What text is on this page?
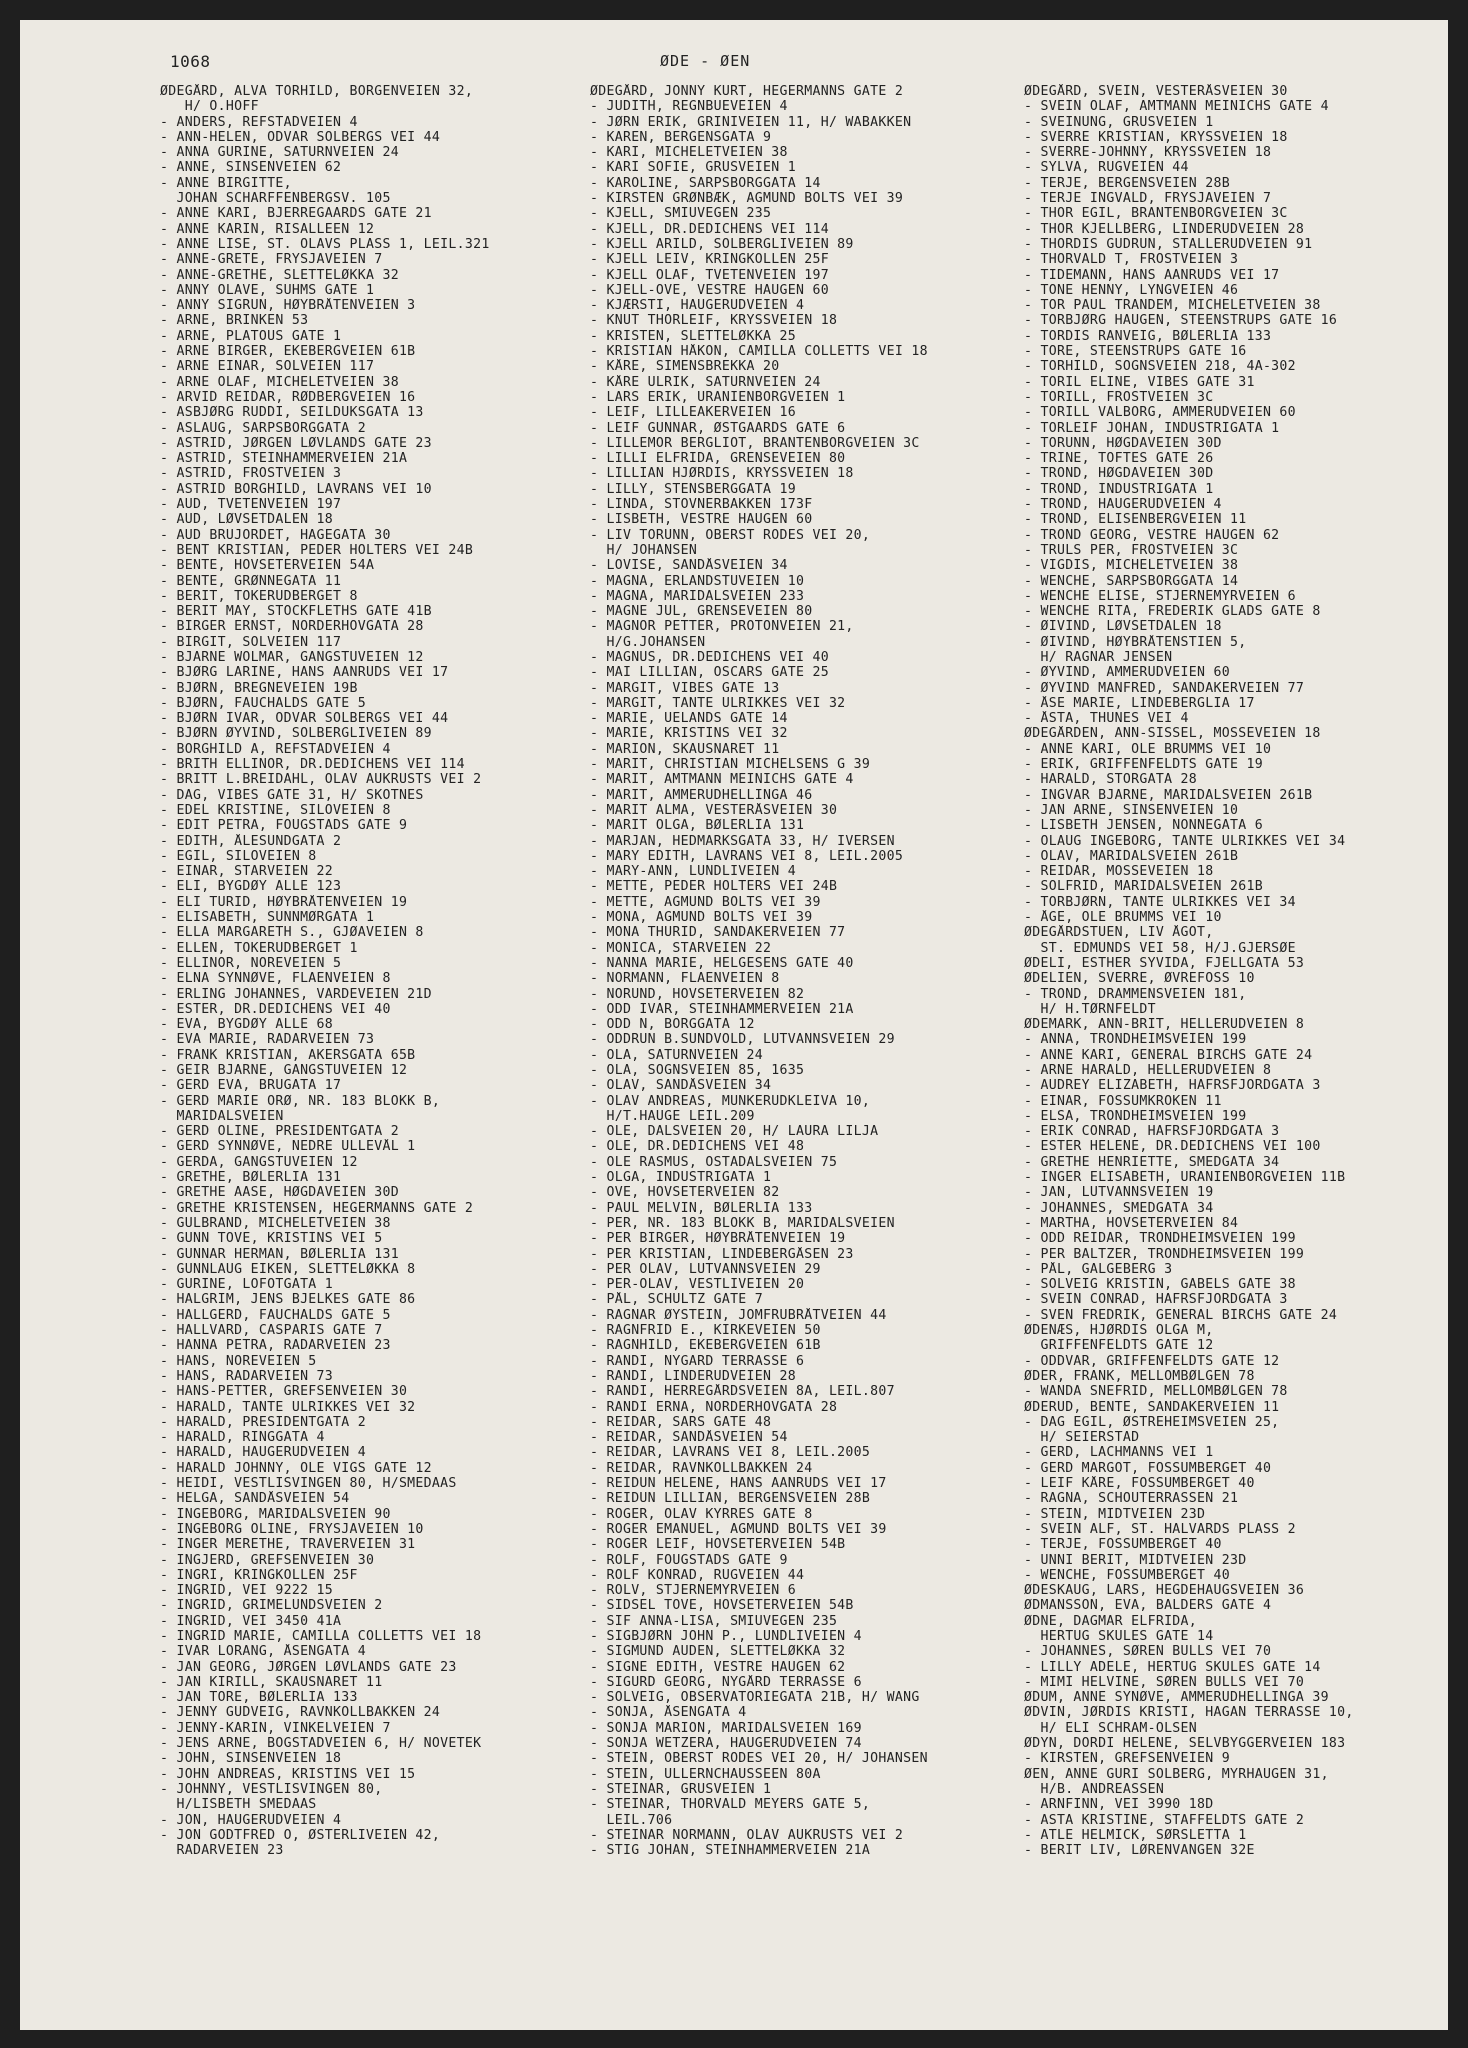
1068	ØDE - ØEN
ØDEGÅRD, ALVA TORHILD, BORGENVEIEN 32,
H/ O.HOFF
- ANDERS, REFSTADVEIEN 4
- ANN-HELEN, ODVAR SOLBERGS VEI 44
- ANNA GURINE, SATURNVEIEN 24
- ANNE, SINSENVEIEN 62
- ANNE BIRGITTE,
JOHAN SCHARFFENBERGSV. 105
- ANNE KARI, BJERREGAARDS GATE 21
- ANNE KARIN, RISALLEEN 12
- ANNE LISE, ST. OLAVS PLASS 1, LEIL.321
- ANNE-GRETE, FRYSJAVEIEN 7
- ANNE-GRETHE, SLETTELØKKA 32
- ANNY OLAVE, SUHMS GATE 1
- ANNY SIGRUN, HØYBRÅTENVEIEN 3
- ARNE, BRINKEN 53
- ARNE, PLATOUS GATE 1
- ARNE BIRGER, EKEBERGVEIEN 61B
- ARNE EINAR, SOLVEIEN 117
- ARNE OLAF, MICHELETVEIEN 38
- ARVID REIDAR, RØDBERGVEIEN 16
- ASBJØRG RUDDI, SEILDUKSGATA 13
- ASLAUG, SARPSBORGGATA 2
- ASTRID, JØRGEN LØVLANDS GATE 23
- ASTRID, STEINHAMMERVEIEN 21A
- ASTRID, FROSTVEIEN 3
- ASTRID BORGHILD, LAVRANS VEI 10
- AUD, TVETENVEIEN 197
- AUD, LØVSETDALEN 18
- AUD BRUJORDET, HAGEGATA 30
- BENT KRISTIAN, PEDER HOLTERS VEI 24B
- BENTE, HOVSETERVEIEN 54A
- BENTE, GRØNNEGATA 11
- BERIT, TOKERUDBERGET 8
- BERIT MAY, STÖCKFLETHS GATE 41B
- BIRGER ERNST, NORDERHOVGATA 28
- BIRGIT, SOLVEIEN 117
- BJARNE WOLMAR, GANGSTUVEIEN 12
- BJØRG LARINE, HANS AANRUDS VEI 17
- BJØRN, BREGNEVEIEN 19B
- BJØRN, FAUCHALDS GATE 5
- BJØRN IVAR, ODVAR SOLBERGS VEI 44
- BJØRN ØYVIND, SOLBERGLIVEIEN 89
- BORGHILD A, REFSTADVEIEN 4
- BRITH ELLINOR, DR.DEDICHENS VEI 114
- BRITT L.BREIDAHL, OLAV AUKRUSTS VEI 2
- DAG, VIBES GATE 31, H/ SKOTNES
- EDEL KRISTINE, SILOVEIEN 8
- EDIT PETRA, FOUGSTADS GATE 9
- EDITH, ÅLESUNDGATA 2
- EGIL, SILOVEIEN 8
- EINAR, STARVEIEN 22
- ELI, BYGDØY ALLE 123
- ELI TURID, HØYBRÅTENVEIEN 19
- ELISABETH, SUNNMØRGATA 1
- ELLA MARGARETH S., GJØAVEIEN 8
- ELLEN, TOKERUDBERGET 1
- ELLINOR, NOREVEIEN 5
- ELNA SYNNØVE, FLAENVEIEN 8
- ERLING JOHANNES, VARDEVEIEN 21D
- ESTER, DR.DEDICHENS VEI 40
- EVA, BYGDØY ALLE 68
- EVA MARIE, RADARVEIEN 73
- FRANK KRISTIAN, AKERSGATA 65B
- GEIR BJARNE, GANGSTUVEIEN 12
- GERD EVA, BRUGATA 17
- GERD MARIE ORØ, NR. 183 BLOKK B,
MARIDALSVEIEN
- GERD OLINE, PRESIDENTGATA 2
- GERD SYNNØVE, NEDRE ULLEVÅL 1
- GERDA, GANGSTUVEIEN 12
- GRETHE, BØLERLIA 131
- GRETHE AASE, HØGDAVEIEN 30D
- GRETHE KRISTENSEN, HEGERMANNS GATE 2
- GULBRAND, MICHELETVEIEN 38
- GUNN TOVE, KRISTINS VEI 5
- GUNNAR HERMAN, BØLERLIA 131
- GUNNLAUG EIKEN, SLETTELØKKA 8
- GURINE, LOFOTGATA 1
- HALGRIM, JENS BJELKES GATE 86
- HALLGERD, FAUCHALDS GATE 5
- HALLVARD, CASPARIS GATE 7
- HANNA PETRA, RADARVEIEN 23
- HANS, NOREVEIEN 5
- HANS, RADARVEIEN 73
- HANS-PETTER, GREFSENVEIEN 30
- HARALD, TANTE ULRIKKES VEI 32
- HARALD, PRESIDENTGATA 2
- HARALD, RINGGATA 4
- HARALD, HAUGERUDVEIEN 4
- HARALD JOHNNY, OLE VIGS GATE 12
- HEIDI, VESTLISVINGEN 80, H/SMEDAAS
- HELGA, SANDÅSVEIEN 54
- INGEBORG, MARIDALSVEIEN 90
- INGEBORG OLINE, FRYSJAVEIEN 10
- INGER MERETHE, TRAVERVEIEN 31
- INGJERD, GREFSENVEIEN 30
- INGRI, KRINGKOLLEN 25F
- INGRID, VEI 9222 15
- INGRID, GRIMELUNDSVEIEN 2
- INGRID, VEI 3450 41A
- INGRID MARIE, CAMILLA COLLETTS VEI 18
- IVAR LORANG, ÅSENGATA 4
- JAN GEORG, JØRGEN LØVLANDS GATE 23
- JAN KIRILL, SKAUSNARET 11
- JAN TORE, BØLERLIA 133
- JENNY GUDVEIG, RAVNKOLLBAKKEN 24
- JENNY-KARIN, VINKELVEIEN 7
- JENS ARNE, BOGSTADVEIEN 6, H/ NOVETEK
- JOHN, SINSENVEIEN 18
- JOHN ANDREAS, KRISTINS VEI 15
- JOHNNY, VESTLISVINGEN 80,
H/LISBETH SMEDAAS
- JON, HAUGERUDVEIEN 4
- JON GODTFRED O, ØSTERLIVEIEN 42,
RADARVEIEN 23
ØDEGÅRD, JONNY KURT, HEGERMANNS GATE 2
- JUDITH, REGNBUEVEIEN 4
- JØRN ERIK, GRINIVEIEN 11, H/ WABAKKEN
- KAREN, BERGENSGATA 9
- KARI, MICHELETVEIEN 38
- KARI SOFIE, GRUSVEIEN 1
- KAROLINE, SARPSBORGGATA 14
- KIRSTEN GRØNBÆK, AGMUND BOLTS VEI 39
- KJELL, SMIUVEGEN 235
- KJELL, DR.DEDICHENS VEI 114
- KJELL ARILD, SOLBERGLIVEIEN 89
- KJELL LEIV, KRINGKOLLEN 25F
- KJELL OLAF, TVETENVEIEN 197
- KJELL-OVE, VESTRE HAUGEN 60
- KJÆRSTI, HAUGERUDVEIEN 4
- KNUT THORLEIF, KRYSSVEIEN 18
- KRISTEN, SLETTELØKKA 25
- KRISTIAN HÅKON, CAMILLA COLLETTS VEI 18
- KÅRE, SIMENSBREKKA 20
- KÅRE ULRIK, SATURNVEIEN 24
- LARS ERIK, URANIENBORGVEIEN 1
- LEIF, LILLEAKERVEIEN 16
- LEIF GUNNAR, ØSTGAARDS GATE 6
- LILLEMOR BERGLIOT, BRANTENBORGVEIEN 3C
- LILLI ELFRIDA, GRENSEVEIEN 80
- LILLIAN HJØRDIS, KRYSSVEIEN 18
- LILLY, STENSBERGGATA 19
- LINDA, STOVNERBAKKEN 173F
- LISBETH, VESTRE HAUGEN 60
- LIV TORUNN, OBERST RODES VEI 20,
H/ JOHANSEN
- LOVISE, SANDÅSVEIEN 34
- MAGNA, ERLANDSTUVEIEN 10
- MAGNA, MARIDALSVEIEN 233
- MAGNE JUL, GRENSEVEIEN 80
- MAGNOR PETTER, PROTONVEIEN 21,
H/G.JOHANSEN
- MAGNUS, DR.DEDICHENS VEI 40
- MAI LILLIAN, OSCARS GATE 25
- MARGIT, VIBES GATE 13
- MARGIT, TANTE ULRIKKES VEI 32
- MARIE, UELANDS GATE 14
- MARIE, KRISTINS VEI 32
- MARION, SKAUSNARET 11
- MARIT, CHRISTIAN MICHELSENS G 39
- MARIT, AMTMANN MEINICHS GATE 4
- MARIT, AMMERUDHELLINGA 46
- MARIT ALMA, VESTERÅSVEIEN 30
- MARIT OLGA, BØLERLIA 131
- MARJAN, HEDMARKSGATA 33, H/ IVERSEN
- MARY EDITH, LAVRANS VEI 8, LEIL.2005
- MARY-ANN, LUNDLIVEIEN 4
- METTE, PEDER HOLTERS VEI 24B
- METTE, AGMUND BOLTS VEI 39
- MONA, AGMUND BOLTS VEI 39
- MONA THURID, SANDAKERVEIEN 77
- MONICA, STARVEIEN 22
- NANNA MARIE, HELGESENS GATE 40
- NORMANN, FLAENVEIEN 8
- NORUND, HOVSETERVEIEN 82
- ODD IVAR, STEINHAMMERVEIEN 21A
- ODD N, BORGGATA 12
- ODDRUN B.SUNDVOLD, LUTVANNSVEIEN 29
- OLA, SATURNVEIEN 24
- OLA, SOGNSVEIEN 85, 1635
- OLAV, SANDÅSVEIEN 34
- OLAV ANDREAS, MUNKERUDKLEIVA 10,
H/T.HAUGE LEIL.209
- OLE, DALSVEIEN 20, H/ LAURA LILJA
- OLE, DR.DEDICHENS VEI 48
- OLE RASMUS, OSTADALSVEIEN 75
- OLGA, INDUSTRIGATA 1
- OVE, HOVSETERVEIEN 82
- PAUL MELVIN, BØLERLIA 133
- PER, NR. 183 BLOKK B, MARIDALSVEIEN
- PER BIRGER, HØYBRÅTENVEIEN 19
- PER KRISTIAN, LINDEBERGÅSEN 23
- PER OLAV, LUTVANNSVEIEN 29
- PER-OLAV, VESTLIVEIEN 20
- PÅL, SCHULTZ GATE 7
- RAGNAR ØYSTEIN, JOMFRUBRÅTVEIEN 44
- RAGNFRID E., KIRKEVEIEN 50
- RAGNHILD, EKEBERGVEIEN 61B
- RANDI, NYGARD TERRASSE 6
- RANDI, LINDERUDVEIEN 28
- RANDI, HERREGÅRDSVEIEN 8A, LEIL.807
- RANDI ERNA, NORDERHOVGATA 28
- REIDAR, SARS GATE 48
- REIDAR, SANDÅSVEIEN 54
- REIDAR, LAVRANS VEI 8, LEIL.2005
- REIDAR, RAVNKOLLBAKKEN 24
- REIDUN HELENE, HANS AANRUDS VEI 17
- REIDUN LILLIAN, BERGENSVEIEN 28B
- ROGER, OLAV KYRRES GATE 8
- ROGER EMANUEL, AGMUND BOLTS VEI 39
- ROGER LEIF, HOVSETERVEIEN 54B
- ROLF, FOUGSTADS GATE 9
- ROLF KONRAD, RUGVEIEN 44
- ROLV, STJERNEMYRVEIEN 6
- SIDSEL TOVE, HOVSETERVEIEN 54B
- SIF ANNA-LISA, SMIUVEGEN 235
- SIGBJØRN JOHN P., LUNDLIVEIEN 4
- SIGMUND AUDEN, SLETTELØKKA 32
- SIGNE EDITH, VESTRE HAUGEN 62
- SIGURD GEORG, NYGÅRD TERRASSE 6
- SOLVEIG, OBSERVATORIEGATA 21B, H/ WANG
- SONJA, ÅSENGATA 4
- SONJA MARION, MARIDALSVEIEN 169
- SONJA WETZERA, HAUGERUDVEIEN 74
- STEIN, OBERST RODES VEI 20, H/ JOHANSEN
- STEIN, ULLERNCHAUSSEEN 80A
- STEINAR, GRUSVEIEN 1
- STEINAR, THORVALD MEYERS GATE 5,
LEIL.706
- STEINAR NORMANN, OLAV AUKRUSTS VEI 2
- STIG JOHAN, STEINHAMMERVEIEN 21A
ØDEGÅRD, SVEIN, VESTERÅSVEIEN 30
- SVEIN OLAF, AMTMANN MEINICHS GATE 4
- SVEINUNG, GRUSVEIEN 1
- SVERRE KRISTIAN, KRYSSVEIEN 18
- SVERRE-JOHNNY, KRYSSVEIEN 18
- SYLVA, RUGVEIEN 44
- TERJE, BERGENSVEIEN 28B
- TERJE INGVALD, FRYSJAVEIEN 7
- THOR EGIL, BRANTENBORGVEIEN 3C
- THOR KJELLBERG, LINDERUDVEIEN 28
- THORDIS GUDRUN, STALLERUDVEIEN 91
- THORVALD T, FROSTVEIEN 3
- TIDEMANN, HANS AANRUDS VEI 17
- TONE HENNY, LYNGVEIEN 46
- TOR PAUL TRANDEM, MICHELETVEIEN 38
- TORBJØRG HAUGEN, STEENSTRUPS GATE 16
- TORDIS RANVEIG, BØLERLIA 133
- TORE, STEENSTRUPS GATE 16
- TORHILD, SOGNSVEIEN 218, 4A-302
- TORIL ELINE, VIBES GATE 31
- TORILL, FROSTVEIEN 3C
- TORILL VALBORG, AMMERUDVEIEN 60
- TORLEIF JOHAN, INDUSTRIGATA 1
- TORUNN, HØGDAVEIEN 30D
- TRINE, TOFTES GATE 26
- TROND, HØGDAVEIEN 30D
- TROND, INDUSTRIGATA 1
- TROND, HAUGERUDVEIEN 4
- TROND, ELISENBERGVEIEN 11
- TROND GEORG, VESTRE HAUGEN 62
- TRULS PER, FROSTVEIEN 3C
- VIGDIS, MICHELETVEIEN 38
- WENCHE, SARPSBORGGATA 14
- WENCHE ELISE, STJERNEMYRVEIEN 6
- WENCHE RITA, FREDERIK GLADS GATE 8
- ØIVIND, LØVSETDALEN 18
- ØIVIND, HØYBRÅTENSTIEN 5,
H/ RAGNAR JENSEN
- ØYVIND, AMMERUDVEIEN 60
- ØYVIND MANFRED, SANDAKERVEIEN 77
- ÅSE MARIE, LINDEBERGLIA 17
- ÅSTA, THUNES VEI 4
ØDEGÅRDEN, ANN-SISSEL, MOSSEVEIEN 18
- ANNE KARI, OLE BRUMMS VEI 10
- ERIK, GRIFFENFELDTS GATE 19
- HARALD, STORGATA 28
- INGVAR BJARNE, MARIDALSVEIEN 261B
- JAN ARNE, SINSENVEIEN 10
- LISBETH JENSEN, NONNEGATA 6
- OLAUG INGEBORG, TANTE ULRIKKES VEI 34
- OLAV, MARIDALSVEIEN 261B
- REIDAR, MOSSEVEIEN 18
- SOLFRID, MARIDALSVEIEN 261B
- TORBJØRN, TANTE ULRIKKES VEI 34
- ÅGE, OLE BRUMMS VEI 10
ØDEGÅRDSTUEN, LIV ÅGOT,
ST. EDMUNDS VEI 58, H/J.GJERSØE
ØDELI, ESTHER SYVIDA, FJELLGATA 53
ØDELIEN, SVERRE, ØVREFOSS 10
- TROND, DRAMMENSVEIEN 181,
H/ H.TØRNFELDT
ØDEMARK, ANN-BRIT, HELLERUDVEIEN 8
- ANNA, TRONDHEIMSVEIEN 199
- ANNE KARI, GENERAL BIRCHS GATE 24
- ARNE HARALD, HELLERUDVEIEN 8
- AUDREY ELIZABETH, HAFRSFJORDGATA 3
- EINAR, FOSSUMKROKEN 11
- ELSA, TRONDHEIMSVEIEN 199
- ERIK CONRAD, HAFRSFJORDGATA 3
- ESTER HELENE, DR.DEDICHENS VEI 100
- GRETHE HENRIETTE, SMEDGATA 34
- INGER ELISABETH, URANIENBORGVEIEN 11B
- JAN, LUTVANNSVEIEN 19
- JOHANNES, SMEDGATA 34
- MARTHA, HOVSETERVEIEN 84
- ODD REIDAR, TRONDHEIMSVEIEN 199
- PER BALTZER, TRONDHEIMSVEIEN 199
- PÅL, GALGEBERG 3
- SOLVEIG KRISTIN, GABELS GATE 38
- SVEIN CONRAD, HAFRSFJORDGATA 3
- SVEN FREDRIK, GENERAL BIRCHS GATE 24
ØDENÆS, HJØRDIS OLGA M,
GRIFFENFELDTS GATE 12
- ODDVAR, GRIFFENFELDTS GATE 12
ØDER, FRANK, MELLOMBØLGEN 78
- WANDA SNEFRID, MELLOMBØLGEN 78
ØDERUD, BENTE, SANDAKERVEIEN 11
- DAG EGIL, ØSTREHEIMSVEIEN 25,
H/ SEIERSTAD
- GERD, LACHMANNS VEI 1
- GERD MARGOT, FOSSUMBERGET 40
- LEIF KÅRE, FOSSUMBERGET 40
- RAGNA, SCHOUTERRASSEN 21
- STEIN, MIDTVEIEN 23D
- SVEIN ALF, ST. HALVARDS PLASS 2
- TERJE, FOSSUMBERGET 40
- UNNI BERIT, MIDTVEIEN 23D
- WENCHE, FOSSUMBERGET 40
ØDESKAUG, LARS, HEGDEHAUGSVEIEN 36
ØDMANSSON, EVA, BALDERS GATE 4
ØDNE, DAGMAR ELFRIDA,
HERTUG SKULES GATE 14
- JOHANNES, SØREN BULLS VEI 70
- LILLY ADELE, HERTUG SKULES GATE 14
- MIMI HELVINE, SØREN BULLS VEI 70
ØDUM, ANNE SYNØVE, AMMERUDHELLINGA 39
ØDVIN, JØRDIS KRISTI, HAGAN TERRASSE 10,
H/ ELI SCHRAM-OLSEN
ØDYN, DORDI HELENE, SELVBYGGERVEIEN 183
- KIRSTEN, GREFSENVEIEN 9
ØEN, ANNE GURI SOLBERG, MYRHAUGEN 31,
H/B. ANDREASSEN
- ARNFINN, VEI 3990 18D
- ASTA KRISTINE, STAFFELDTS GATE 2
- ATLE HELMICK, SØRSLETTA 1
- BERIT LIV, LØRENVANGEN 32E
